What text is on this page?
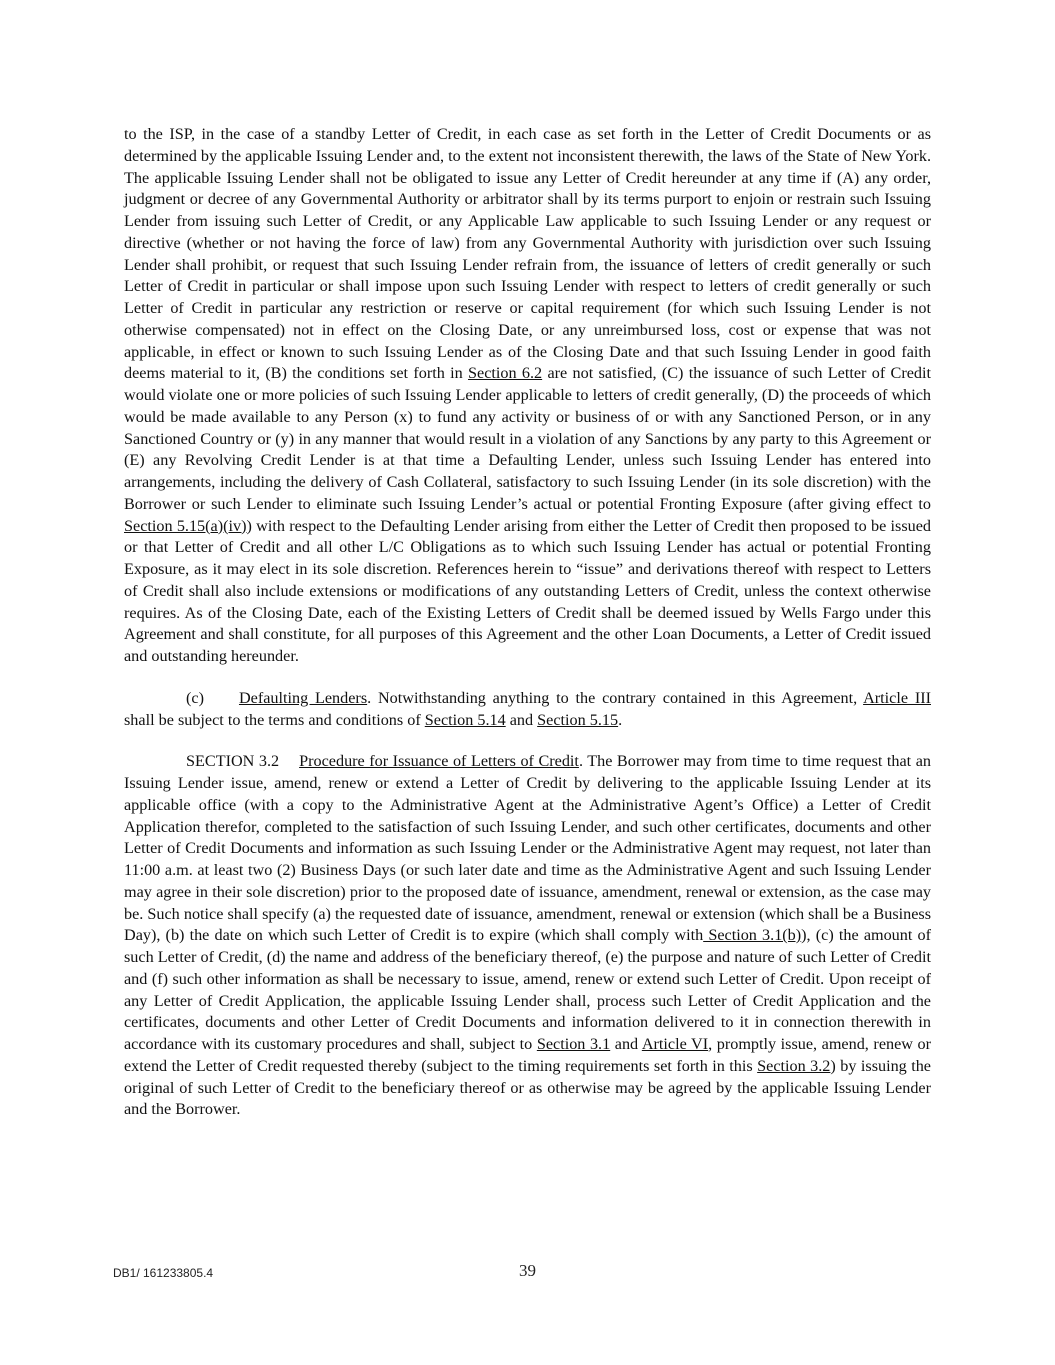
to the ISP, in the case of a standby Letter of Credit, in each case as set forth in the Letter of Credit Documents or as determined by the applicable Issuing Lender and, to the extent not inconsistent therewith, the laws of the State of New York. The applicable Issuing Lender shall not be obligated to issue any Letter of Credit hereunder at any time if (A) any order, judgment or decree of any Governmental Authority or arbitrator shall by its terms purport to enjoin or restrain such Issuing Lender from issuing such Letter of Credit, or any Applicable Law applicable to such Issuing Lender or any request or directive (whether or not having the force of law) from any Governmental Authority with jurisdiction over such Issuing Lender shall prohibit, or request that such Issuing Lender refrain from, the issuance of letters of credit generally or such Letter of Credit in particular or shall impose upon such Issuing Lender with respect to letters of credit generally or such Letter of Credit in particular any restriction or reserve or capital requirement (for which such Issuing Lender is not otherwise compensated) not in effect on the Closing Date, or any unreimbursed loss, cost or expense that was not applicable, in effect or known to such Issuing Lender as of the Closing Date and that such Issuing Lender in good faith deems material to it, (B) the conditions set forth in Section 6.2 are not satisfied, (C) the issuance of such Letter of Credit would violate one or more policies of such Issuing Lender applicable to letters of credit generally, (D) the proceeds of which would be made available to any Person (x) to fund any activity or business of or with any Sanctioned Person, or in any Sanctioned Country or (y) in any manner that would result in a violation of any Sanctions by any party to this Agreement or (E) any Revolving Credit Lender is at that time a Defaulting Lender, unless such Issuing Lender has entered into arrangements, including the delivery of Cash Collateral, satisfactory to such Issuing Lender (in its sole discretion) with the Borrower or such Lender to eliminate such Issuing Lender’s actual or potential Fronting Exposure (after giving effect to Section 5.15(a)(iv)) with respect to the Defaulting Lender arising from either the Letter of Credit then proposed to be issued or that Letter of Credit and all other L/C Obligations as to which such Issuing Lender has actual or potential Fronting Exposure, as it may elect in its sole discretion. References herein to “issue” and derivations thereof with respect to Letters of Credit shall also include extensions or modifications of any outstanding Letters of Credit, unless the context otherwise requires. As of the Closing Date, each of the Existing Letters of Credit shall be deemed issued by Wells Fargo under this Agreement and shall constitute, for all purposes of this Agreement and the other Loan Documents, a Letter of Credit issued and outstanding hereunder.

(c) Defaulting Lenders. Notwithstanding anything to the contrary contained in this Agreement, Article III shall be subject to the terms and conditions of Section 5.14 and Section 5.15.

SECTION 3.2 Procedure for Issuance of Letters of Credit. The Borrower may from time to time request that an Issuing Lender issue, amend, renew or extend a Letter of Credit by delivering to the applicable Issuing Lender at its applicable office (with a copy to the Administrative Agent at the Administrative Agent’s Office) a Letter of Credit Application therefor, completed to the satisfaction of such Issuing Lender, and such other certificates, documents and other Letter of Credit Documents and information as such Issuing Lender or the Administrative Agent may request, not later than 11:00 a.m. at least two (2) Business Days (or such later date and time as the Administrative Agent and such Issuing Lender may agree in their sole discretion) prior to the proposed date of issuance, amendment, renewal or extension, as the case may be. Such notice shall specify (a) the requested date of issuance, amendment, renewal or extension (which shall be a Business Day), (b) the date on which such Letter of Credit is to expire (which shall comply with Section 3.1(b)), (c) the amount of such Letter of Credit, (d) the name and address of the beneficiary thereof, (e) the purpose and nature of such Letter of Credit and (f) such other information as shall be necessary to issue, amend, renew or extend such Letter of Credit. Upon receipt of any Letter of Credit Application, the applicable Issuing Lender shall, process such Letter of Credit Application and the certificates, documents and other Letter of Credit Documents and information delivered to it in connection therewith in accordance with its customary procedures and shall, subject to Section 3.1 and Article VI, promptly issue, amend, renew or extend the Letter of Credit requested thereby (subject to the timing requirements set forth in this Section 3.2) by issuing the original of such Letter of Credit to the beneficiary thereof or as otherwise may be agreed by the applicable Issuing Lender and the Borrower.

DB1/ 161233805.4	39
